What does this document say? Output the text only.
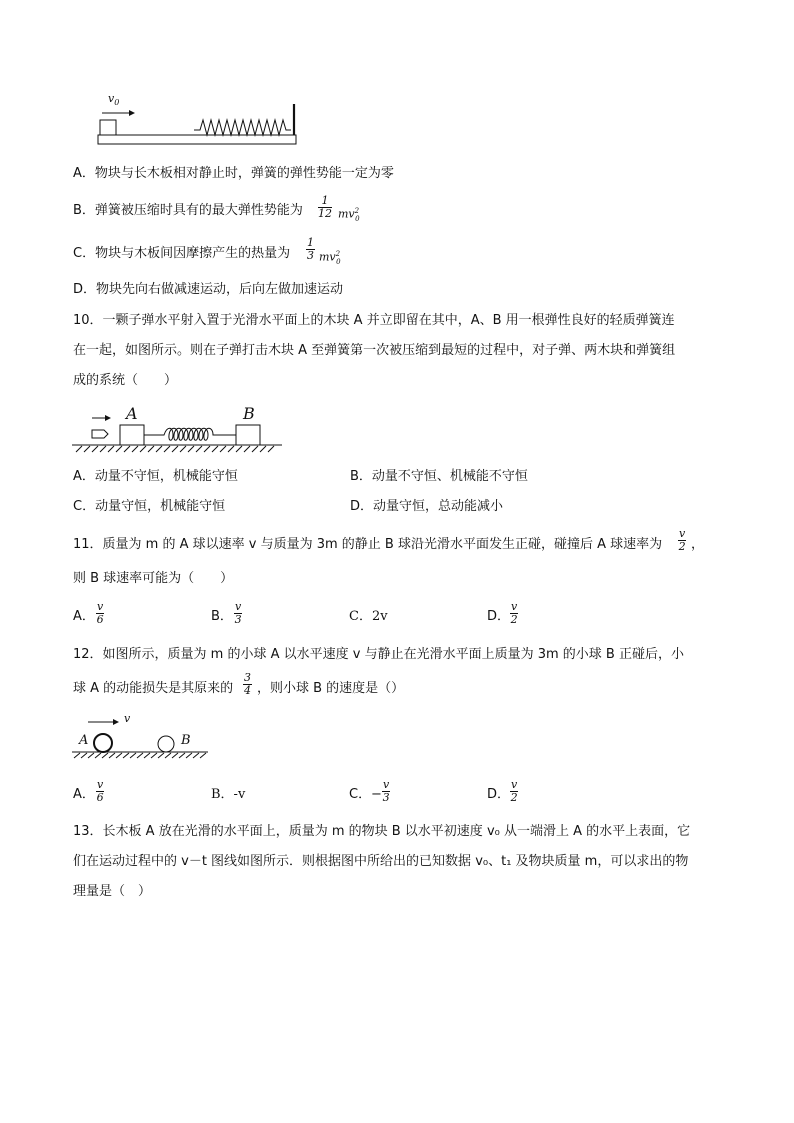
$v_0$
A．物块与长木板相对静止时，弹簧的弹性势能一定为零
B．弹簧被压缩时具有的最大弹性势能为 $\frac{1}{12} mv^2_0$
C．物块与木板间因摩擦产生的热量为 $\frac{1}{3} mv^2_0$
D．物块先向右做减速运动，后向左做加速运动
10．一颗子弹水平射入置于光滑水平面上的木块 A 并立即留在其中，A、B 用一根弹性良好的轻质弹簧连
在一起，如图所示。则在子弹打击木块 A 至弹簧第一次被压缩到最短的过程中，对子弹、两木块和弹簧组
成的系统（　　）
A	B
A．动量不守恒，机械能守恒	B．动量不守恒、机械能不守恒
C．动量守恒，机械能守恒	D．动量守恒，总动能减小
11．质量为 m 的 A 球以速率 v 与质量为 3m 的静止 B 球沿光滑水平面发生正碰，碰撞后 A 球速率为 $\frac{v}{2}$ ，
则 B 球速率可能为（　　）
A． $\frac{v}{6}$	B． $\frac{v}{3}$	C．2v	D． $\frac{v}{2}$
12．如图所示，质量为 m 的小球 A 以水平速度 v 与静止在光滑水平面上质量为 3m 的小球 B 正碰后，小
球 A 的动能损失是其原来的 $\frac{3}{4}$ ，则小球 B 的速度是（）
v
A	B
A． $\frac{v}{6}$	B．-v	C． − $\frac{v}{3}$	D． $\frac{v}{2}$
13．长木板 A 放在光滑的水平面上，质量为 m 的物块 B 以水平初速度 v₀ 从一端滑上 A 的水平上表面，它
们在运动过程中的 v－t 图线如图所示．则根据图中所给出的已知数据 v₀、t₁ 及物块质量 m，可以求出的物
理量是（　）
